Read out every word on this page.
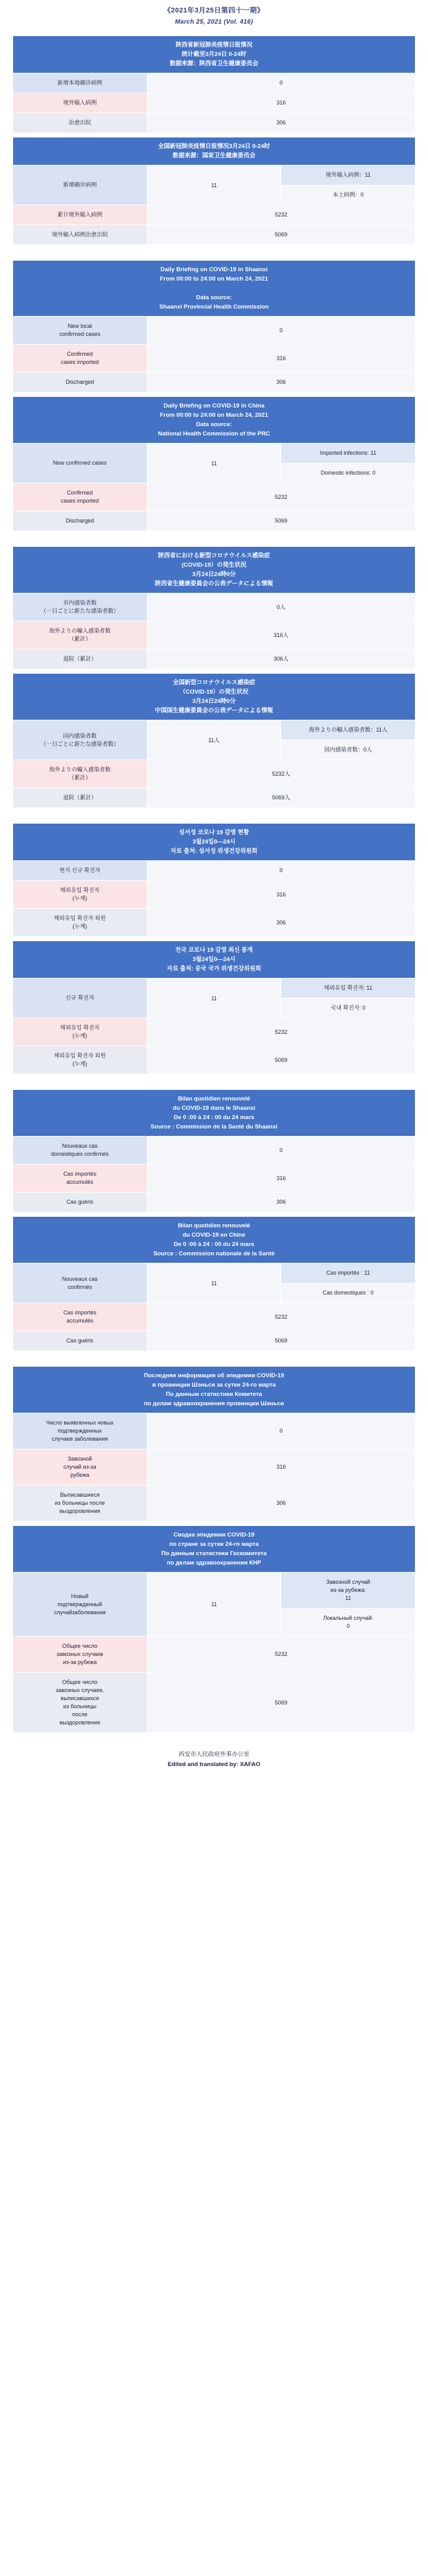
《2021年3月25日第四十一期》
March 25, 2021 (Vol. 416)
陕西省新冠肺炎疫情日报情况
统计截至3月24日 0-24时
数据来源：陕西省卫生健康委员会	

新增本地确诊病例	0
境外输入病例	316
治愈出院	306
全国新冠肺炎疫情日报情况3月24日 0-24时
数据来源：国家卫生健康委员会		

新增确诊病例	11	境外输入病例：11
		本土病例：0
累计境外输入病例	5232	
境外输入病例治愈出院	5069	
Daily Briefing on COVID-19 in Shaanxi
From 00:00 to 24:00 on March 24, 2021

Data source:
Shaanxi Provincial Health Commission	

New local
confirmed cases	0
Confirmed
cases imported	316
Discharged	306
Daily Briefing on COVID-19 in China
From 00:00 to 24:00 on March 24, 2021
Data source:
National Health Commission of the PRC		

New confirmed cases	11	Imported infections: 11
		Domestic infections: 0
Confirmed
cases imported	5232	
Discharged	5069	
陝西省における新型コロナウイルス感染症
(COVID-19）の発生状況
3月24日24時0分
陝西省生健康委員会の公表データによる情報	

市内感染者数
（一日ごとに新たな感染者数）	0人
海外よりの輸入感染者数
（累計）	316人
退院（累計）	306人
全国新型コロナウイルス感染症
（COVID-19）の発生状況
3月24日24時0分
中国国生健康委員会の公表データによる情報		

国内感染者数
（一日ごとに新たな感染者数）	11人	海外よりの輸入感染者数：11人
		国内感染者数：0人
海外よりの輸入感染者数
（累計）	5232人	
退院（累計）	5069人	
섬서성 코로나 19 감염 현황
3월24일0—24시
자료 출처: 섬서성 위생건강위원회	

현지 신규 확진자	0
해외유입 확진자
(누계)	316
해외유입 확진자 퇴원
(누계)	306
전국 코로나 19 감염 최신 통계
3월24일0—24시
자료 출처: 중국 국가 위생건강위원회		

신규 확진자	11	해외유입 확진자: 11
		국내 확진자: 0
해외유입 확진자
(누계)	5232	
해외유입 확진자 퇴원
(누계)	5069	
Bilan quotidien renouvelé
du COVID-19 dans le Shaanxi
De 0 :00 à 24 : 00 du 24 mars
Source : Commission de la Santé du Shaanxi	

Nouveaux cas
domestiques confirmés	0
Cas importés
accumulés	316
Cas guéris	306
Bilan quotidien renouvelé
du COVID-19 en Chine
De 0 :00 à 24 : 00 du 24 mars
Source : Commission nationale de la Santé		

Nouveaux cas
confirmés	11	Cas importés : 11
		Cas domestiques : 0
Cas importés
accumulés	5232	
Cas guéris	5069	
Последняя информация об эпидемии COVID-19
в провинции Шэньси за сутки 24-го марта
По данным статистики Комитета
по делам здравоохранения провинции Шэньси	

Число выявленных новых
подтвержденных
случаев заболевания	0
Завозной
случай из-за
рубежа	316
Выписавшиеся
из больницы после
выздоровления	306
Сводка эпидемии COVID-19
по стране за сутки 24-го марта
По данным статистики Госкомитета
по делам здравоохранения КНР		

Новый
подтвержденный
случайзаболевания	11	Завозной случай
из-за рубежа:
11
		Локальный случай:
0
Общее число
завозных случаев
из-за рубежа	5232	
Общее число
завозных случаев,
выписавшихся
из больницы
после
выздоровления	5069
西安市人民政府外事办公室
Edited and translated by: XAFAO
